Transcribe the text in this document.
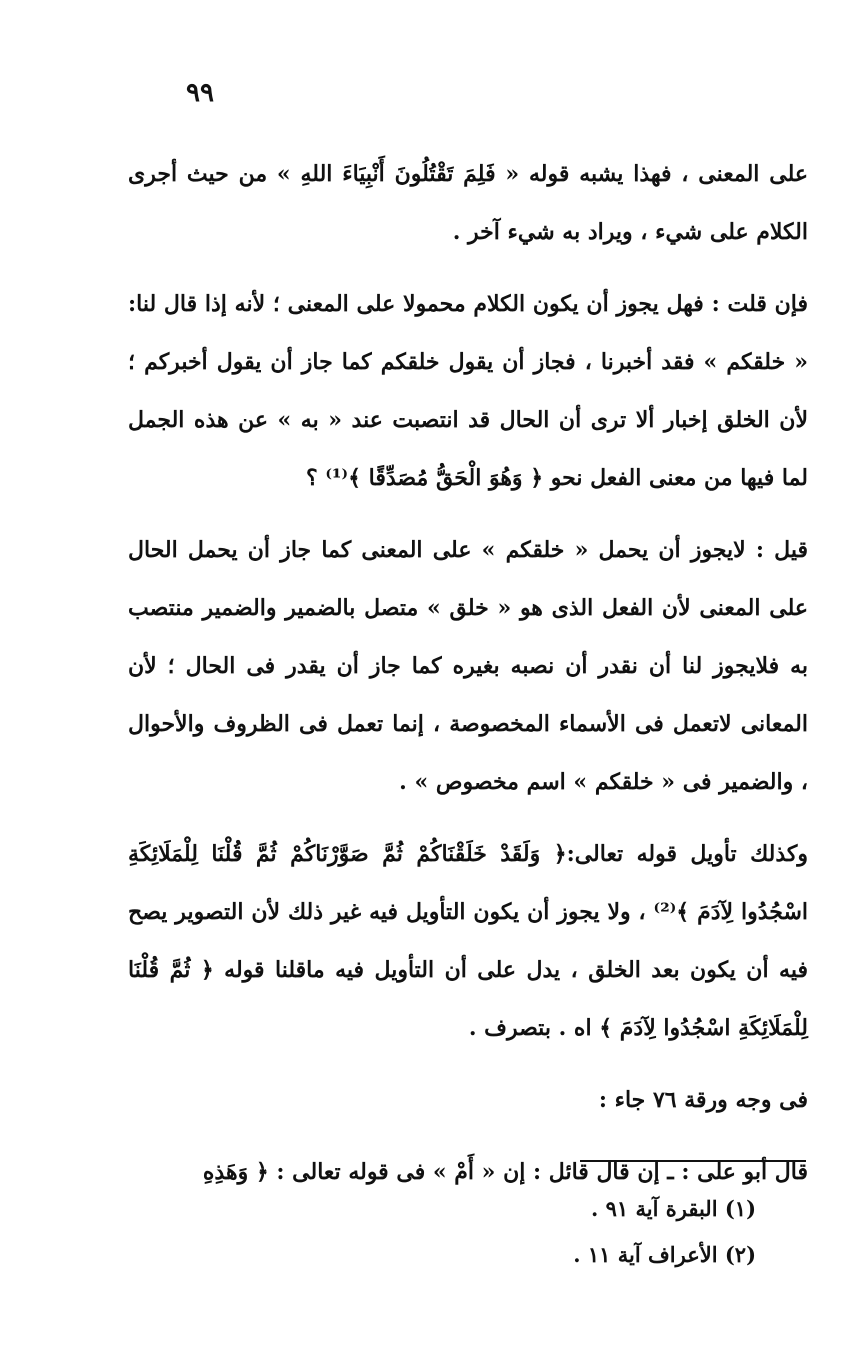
٩٩

على المعنى ، فهذا يشبه قوله « فَلِمَ تَقْتُلُونَ أَنْبِيَاءَ اللهِ » من حيث أجرى الكلام على شيء ، ويراد به شيء آخر .

فإن قلت : فهل يجوز أن يكون الكلام محمولا على المعنى ؛ لأنه إذا قال لنا: « خلقكم » فقد أخبرنا ، فجاز أن يقول خلقكم كما جاز أن يقول أخبركم ؛ لأن الخلق إخبار ألا ترى أن الحال قد انتصبت عند « به » عن هذه الجمل لما فيها من معنى الفعل نحو ﴿ وَهُوَ الْحَقُّ مُصَدِّقًا ﴾⁽¹⁾ ؟

قيل : لايجوز أن يحمل « خلقكم » على المعنى كما جاز أن يحمل الحال على المعنى لأن الفعل الذى هو « خلق » متصل بالضمير والضمير منتصب به فلايجوز لنا أن نقدر أن نصبه بغيره كما جاز أن يقدر فى الحال ؛ لأن المعانى لاتعمل فى الأسماء المخصوصة ، إنما تعمل فى الظروف والأحوال ، والضمير فى « خلقكم » اسم مخصوص » .

وكذلك تأويل قوله تعالى:﴿ وَلَقَدْ خَلَقْنَاكُمْ ثُمَّ صَوَّرْنَاكُمْ ثُمَّ قُلْنَا لِلْمَلَائِكَةِ اسْجُدُوا لِآدَمَ ﴾⁽²⁾ ، ولا يجوز أن يكون التأويل فيه غير ذلك لأن التصوير يصح فيه أن يكون بعد الخلق ، يدل على أن التأويل فيه ماقلنا قوله ﴿ ثُمَّ قُلْنَا لِلْمَلَائِكَةِ اسْجُدُوا لِآدَمَ ﴾ اه . بتصرف .

فى وجه ورقة ٧٦ جاء :

قال أبو على : ـ إن قال قائل : إن « أَمْ » فى قوله تعالى : ﴿ وَهَذِهِ

(١) البقرة آية ٩١ .
(٢) الأعراف آية ١١ .
